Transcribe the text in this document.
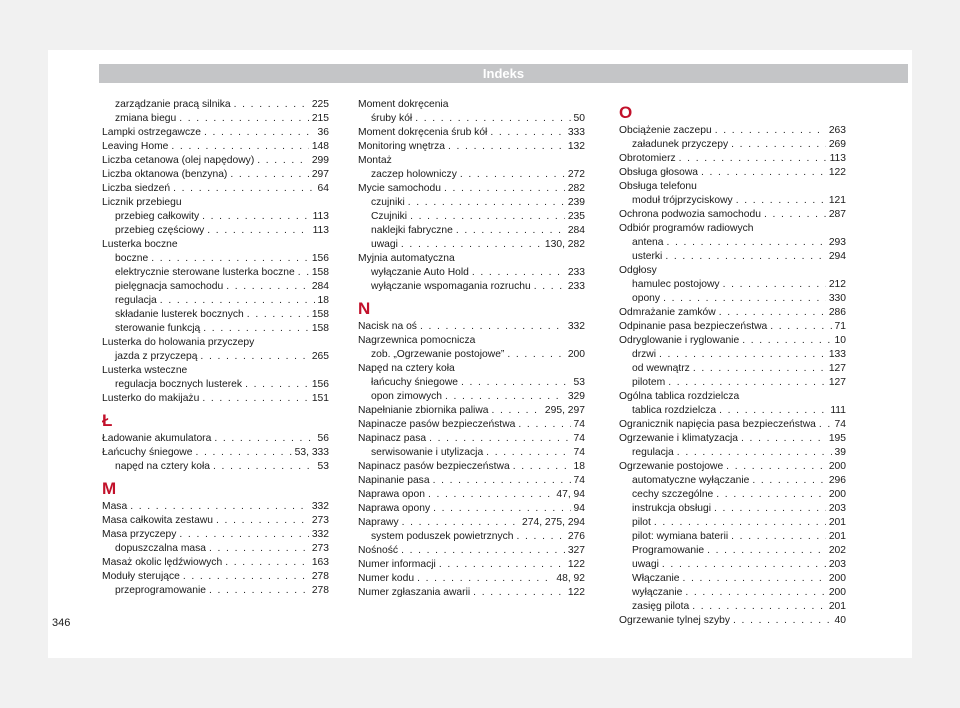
Indeks
zarządzanie pracą silnika . . .	225
zmiana biegu . . .	215
Lampki ostrzegawcze . . .	36
Leaving Home . . .	148
Liczba cetanowa (olej napędowy) . . .	299
Liczba oktanowa (benzyna) . . .	297
Liczba siedzeń . . .	64
Licznik przebiegu
przebieg całkowity . . .	113
przebieg częściowy . . .	113
Lusterka boczne
boczne . . .	156
elektrycznie sterowane lusterka boczne . . . 158
pielęgnacja samochodu . . .	284
regulacja . . .	18
składanie lusterek bocznych . . .	158
sterowanie funkcją . . .	158
Lusterka do holowania przyczepy
jazda z przyczepą . . .	265
Lusterka wsteczne
regulacja bocznych lusterek . . .	156
Lusterko do makijażu . . .	151
Ł
Ładowanie akumulatora . . .	56
Łańcuchy śniegowe . . .	53, 333
napęd na cztery koła . . .	53
M
Masa . . .	332
Masa całkowita zestawu . . .	273
Masa przyczepy . . .	332
dopuszczalna masa . . .	273
Masaż okolic lędźwiowych . . .	163
Moduły sterujące . . .	278
przeprogramowanie . . .	278
Moment dokręcenia
śruby kół . . .	50
Moment dokręcenia śrub kół . . .	333
Monitoring wnętrza . . .	132
Montaż
zaczep holowniczy . . .	272
Mycie samochodu . . .	282
czujniki . . .	239
Czujniki . . .	235
naklejki fabryczne . . .	284
uwagi . . .	130, 282
Myjnia automatyczna
wyłączanie Auto Hold . . .	233
wyłączanie wspomagania rozruchu . . .	233
N
Nacisk na oś . . .	332
Nagrzewnica pomocnicza
zob. „Ogrzewanie postojowe” . . .	200
Napęd na cztery koła
łańcuchy śniegowe . . .	53
opon zimowych . . .	329
Napełnianie zbiornika paliwa . . .	295, 297
Napinacze pasów bezpieczeństwa . . .	74
Napinacz pasa . . .	74
serwisowanie i utylizacja . . .	74
Napinacz pasów bezpieczeństwa . . .	18
Napinanie pasa . . .	74
Naprawa opon . . .	47, 94
Naprawa opony . . .	94
Naprawy . . .	274, 275, 294
system poduszek powietrznych . . .	276
Nośność . . .	327
Numer informacji . . .	122
Numer kodu . . .	48, 92
Numer zgłaszania awarii . . .	122
O
Obciążenie zaczepu . . .	263
załadunek przyczepy . . .	269
Obrotomierz . . .	113
Obsługa głosowa . . .	122
Obsługa telefonu
moduł trójprzyciskowy . . .	121
Ochrona podwozia samochodu . . .	287
Odbiór programów radiowych
antena . . .	293
usterki . . .	294
Odgłosy
hamulec postojowy . . .	212
opony . . .	330
Odmrażanie zamków . . .	286
Odpinanie pasa bezpieczeństwa . . .	71
Odryglowanie i ryglowanie . . .	10
drzwi . . .	133
od wewnątrz . . .	127
pilotem . . .	127
Ogólna tablica rozdzielcza
tablica rozdzielcza . . .	111
Ogranicznik napięcia pasa bezpieczeństwa . . . 74
Ogrzewanie i klimatyzacja . . .	195
regulacja . . .	39
Ogrzewanie postojowe . . .	200
automatyczne wyłączanie . . .	296
cechy szczególne . . .	200
instrukcja obsługi . . .	203
pilot . . .	201
pilot: wymiana baterii . . .	201
Programowanie . . .	202
uwagi . . .	203
Włączanie . . .	200
wyłączanie . . .	200
zasięg pilota . . .	201
Ogrzewanie tylnej szyby . . .	40
346
